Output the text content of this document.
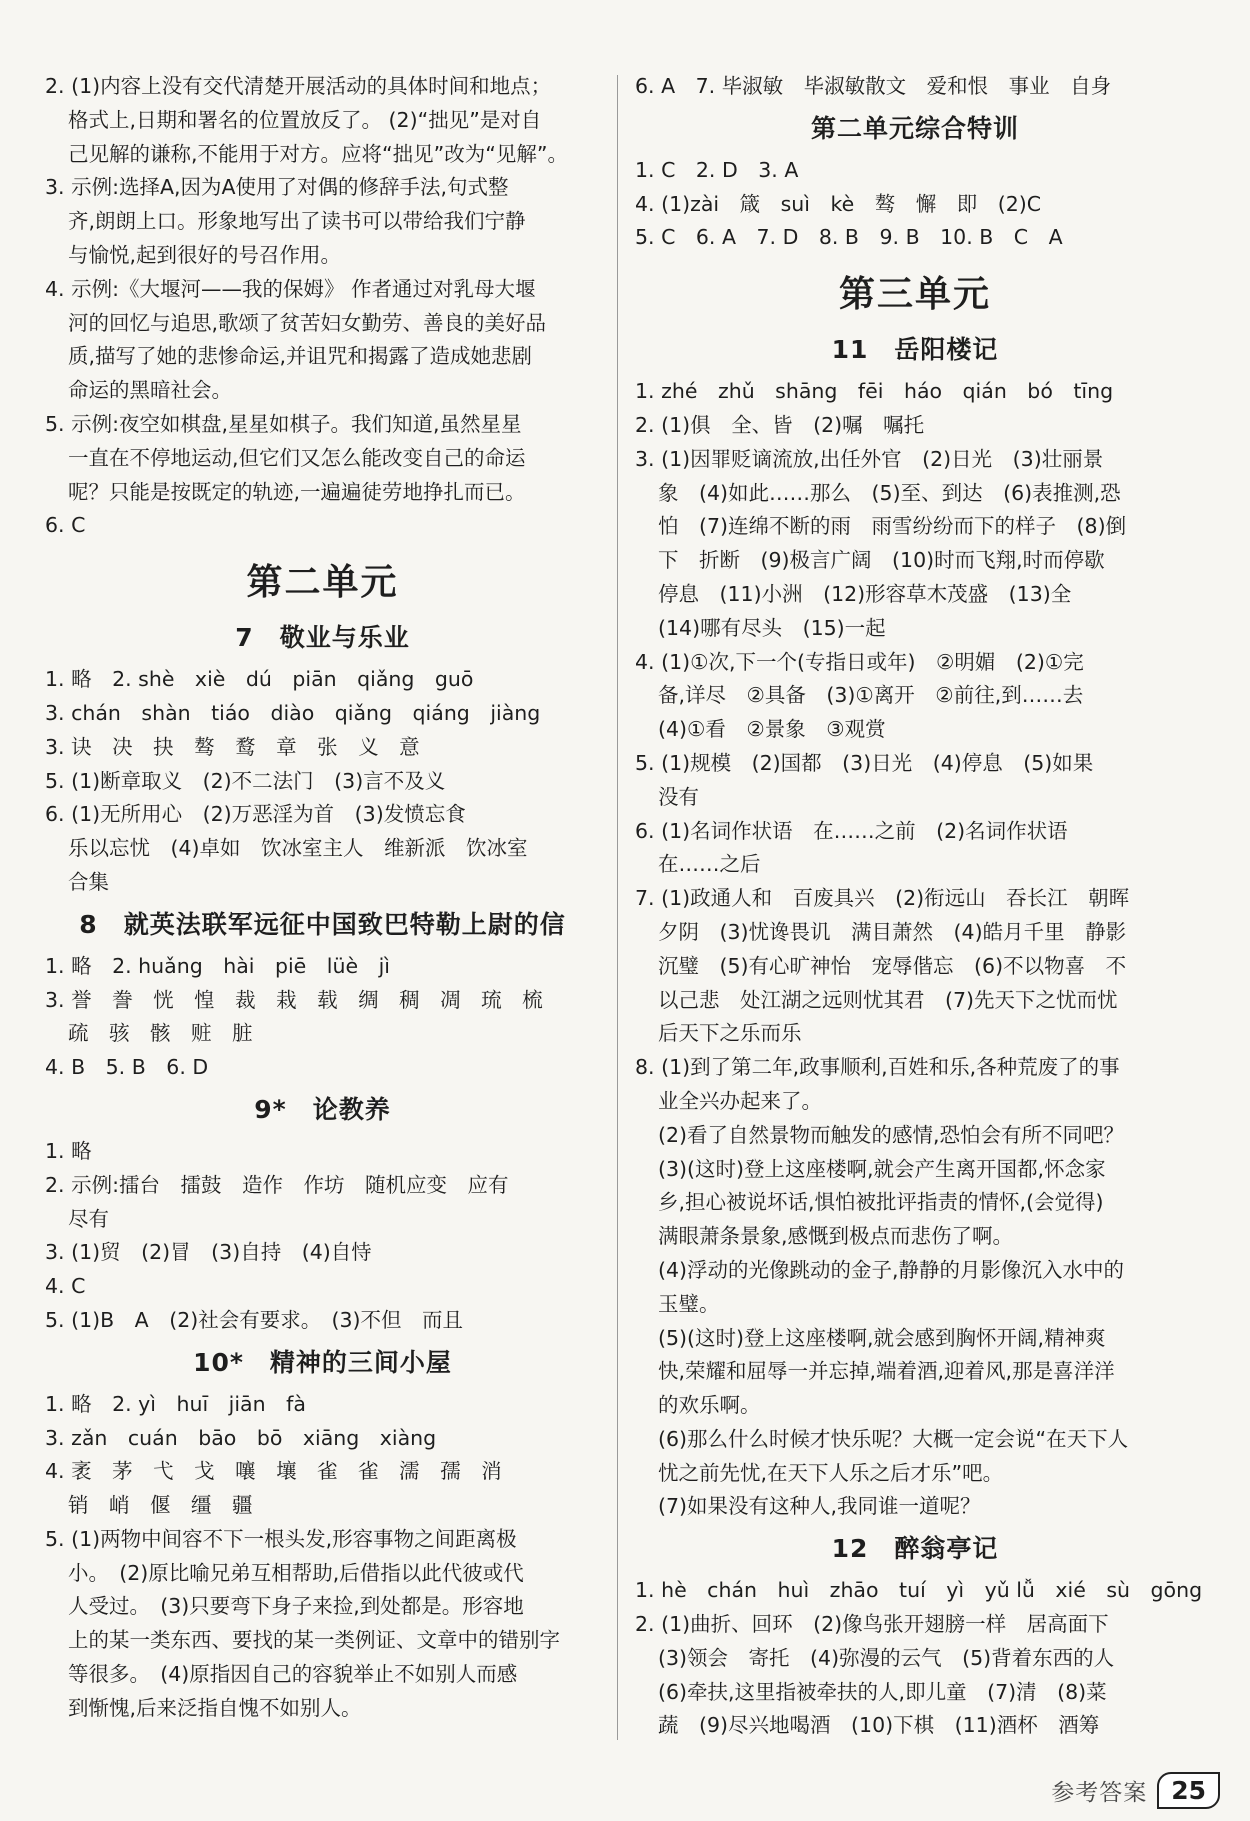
2. (1)内容上没有交代清楚开展活动的具体时间和地点；
格式上,日期和署名的位置放反了。 (2)“拙见”是对自
己见解的谦称,不能用于对方。应将“拙见”改为“见解”。
3. 示例:选择A,因为A使用了对偶的修辞手法,句式整
齐,朗朗上口。形象地写出了读书可以带给我们宁静
与愉悦,起到很好的号召作用。
4. 示例:《大堰河——我的保姆》 作者通过对乳母大堰
河的回忆与追思,歌颂了贫苦妇女勤劳、善良的美好品
质,描写了她的悲惨命运,并诅咒和揭露了造成她悲剧
命运的黑暗社会。
5. 示例:夜空如棋盘,星星如棋子。我们知道,虽然星星
一直在不停地运动,但它们又怎么能改变自己的命运
呢？只能是按既定的轨迹,一遍遍徒劳地挣扎而已。
6. C
第二单元
7　敬业与乐业
1. 略　2. shè　xiè　dú　piān　qiǎng　guō
3. chán　shàn　tiáo　diào　qiǎng　qiáng　jiàng
3. 诀　决　抉　骜　鹜　章　张　义　意
5. (1)断章取义　(2)不二法门　(3)言不及义
6. (1)无所用心　(2)万恶淫为首　(3)发愤忘食
乐以忘忧　(4)卓如　饮冰室主人　维新派　饮冰室
合集
8　就英法联军远征中国致巴特勒上尉的信
1. 略　2. huǎng　hài　piē　lüè　jì
3. 誉　誊　恍　惶　裁　栽　载　绸　稠　凋　琉　梳
疏　骇　骸　赃　脏
4. B　5. B　6. D
9*　论教养
1. 略
2. 示例:擂台　擂鼓　造作　作坊　随机应变　应有
尽有
3. (1)贸　(2)冒　(3)自持　(4)自恃
4. C
5. (1)B　A　(2)社会有要求。　(3)不但　而且
10*　精神的三间小屋
1. 略　2. yì　huī　jiān　fà
3. zǎn　cuán　bāo　bō　xiāng　xiàng
4. 袤　茅　弋　戈　嚷　壤　雀　雀　濡　孺　消
销　峭　偃　缰　疆
5. (1)两物中间容不下一根头发,形容事物之间距离极
小。　(2)原比喻兄弟互相帮助,后借指以此代彼或代
人受过。　(3)只要弯下身子来捡,到处都是。形容地
上的某一类东西、要找的某一类例证、文章中的错别字
等很多。　(4)原指因自己的容貌举止不如别人而感
到惭愧,后来泛指自愧不如别人。
6. A　7. 毕淑敏　毕淑敏散文　爱和恨　事业　自身
第二单元综合特训
1. C　2. D　3. A
4. (1)zài　箴　suì　kè　骜　懈　即　(2)C
5. C　6. A　7. D　8. B　9. B　10. B　C　A
第三单元
11　岳阳楼记
1. zhé　zhǔ　shāng　fēi　háo　qián　bó　tīng
2. (1)俱　全、皆　(2)嘱　嘱托
3. (1)因罪贬谪流放,出任外官　(2)日光　(3)壮丽景
象　(4)如此……那么　(5)至、到达　(6)表推测,恐
怕　(7)连绵不断的雨　雨雪纷纷而下的样子　(8)倒
下　折断　(9)极言广阔　(10)时而飞翔,时而停歇
停息　(11)小洲　(12)形容草木茂盛　(13)全
(14)哪有尽头　(15)一起
4. (1)①次,下一个(专指日或年)　②明媚　(2)①完
备,详尽　②具备　(3)①离开　②前往,到……去
(4)①看　②景象　③观赏
5. (1)规模　(2)国都　(3)日光　(4)停息　(5)如果
没有
6. (1)名词作状语　在……之前　(2)名词作状语
在……之后
7. (1)政通人和　百废具兴　(2)衔远山　吞长江　朝晖
夕阴　(3)忧谗畏讥　满目萧然　(4)皓月千里　静影
沉璧　(5)有心旷神怡　宠辱偕忘　(6)不以物喜　不
以己悲　处江湖之远则忧其君　(7)先天下之忧而忧
后天下之乐而乐
8. (1)到了第二年,政事顺利,百姓和乐,各种荒废了的事
业全兴办起来了。
(2)看了自然景物而触发的感情,恐怕会有所不同吧？
(3)(这时)登上这座楼啊,就会产生离开国都,怀念家
乡,担心被说坏话,惧怕被批评指责的情怀,(会觉得)
满眼萧条景象,感慨到极点而悲伤了啊。
(4)浮动的光像跳动的金子,静静的月影像沉入水中的
玉璧。
(5)(这时)登上这座楼啊,就会感到胸怀开阔,精神爽
快,荣耀和屈辱一并忘掉,端着酒,迎着风,那是喜洋洋
的欢乐啊。
(6)那么什么时候才快乐呢？大概一定会说“在天下人
忧之前先忧,在天下人乐之后才乐”吧。
(7)如果没有这种人,我同谁一道呢？
12　醉翁亭记
1. hè　chán　huì　zhāo　tuí　yì　yǔ lǚ　xié　sù　gōng
2. (1)曲折、回环　(2)像鸟张开翅膀一样　居高面下
(3)领会　寄托　(4)弥漫的云气　(5)背着东西的人
(6)牵扶,这里指被牵扶的人,即儿童　(7)清　(8)菜
蔬　(9)尽兴地喝酒　(10)下棋　(11)酒杯　酒筹
参考答案 25
